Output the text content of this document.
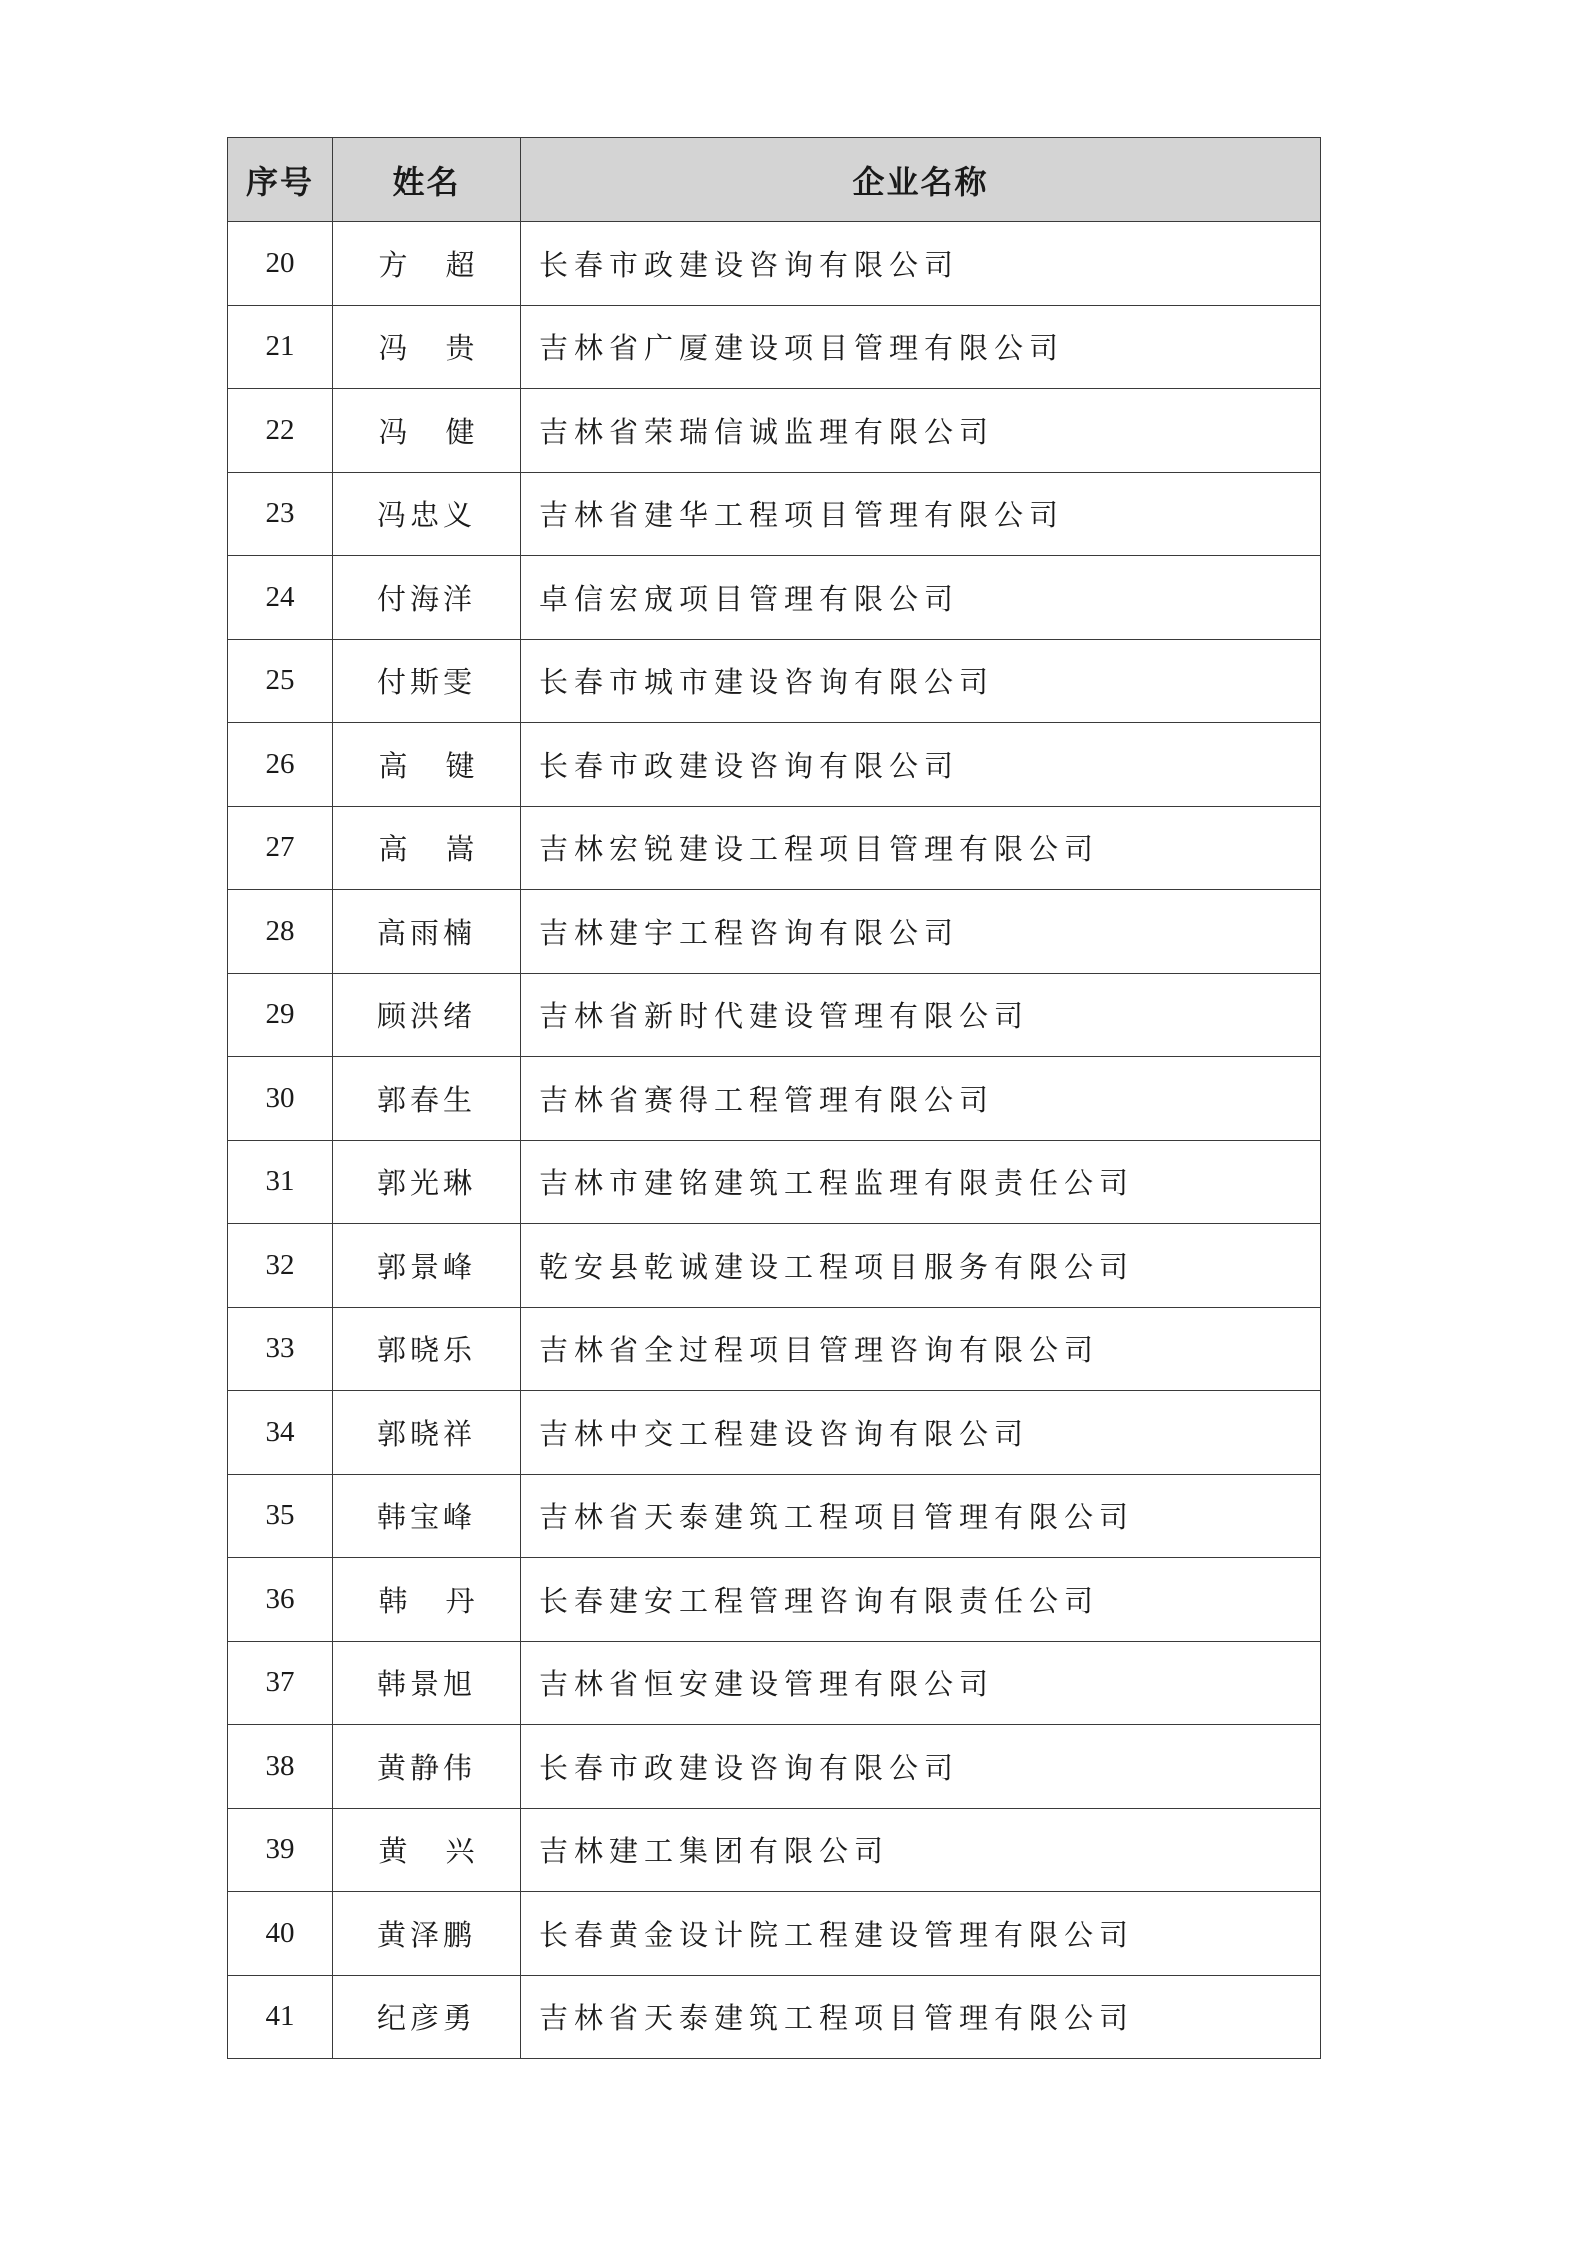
序号	姓名	企业名称
20	方超	长春市政建设咨询有限公司
21	冯贵	吉林省广厦建设项目管理有限公司
22	冯健	吉林省荣瑞信诚监理有限公司
23	冯忠义	吉林省建华工程项目管理有限公司
24	付海洋	卓信宏宬项目管理有限公司
25	付斯雯	长春市城市建设咨询有限公司
26	高键	长春市政建设咨询有限公司
27	高嵩	吉林宏锐建设工程项目管理有限公司
28	高雨楠	吉林建宇工程咨询有限公司
29	顾洪绪	吉林省新时代建设管理有限公司
30	郭春生	吉林省赛得工程管理有限公司
31	郭光琳	吉林市建铭建筑工程监理有限责任公司
32	郭景峰	乾安县乾诚建设工程项目服务有限公司
33	郭晓乐	吉林省全过程项目管理咨询有限公司
34	郭晓祥	吉林中交工程建设咨询有限公司
35	韩宝峰	吉林省天泰建筑工程项目管理有限公司
36	韩丹	长春建安工程管理咨询有限责任公司
37	韩景旭	吉林省恒安建设管理有限公司
38	黄静伟	长春市政建设咨询有限公司
39	黄兴	吉林建工集团有限公司
40	黄泽鹏	长春黄金设计院工程建设管理有限公司
41	纪彦勇	吉林省天泰建筑工程项目管理有限公司
